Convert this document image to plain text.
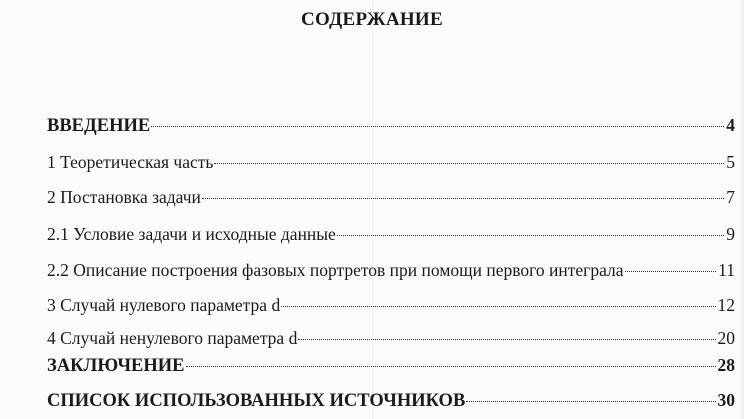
СОДЕРЖАНИЕ
ВВЕДЕНИЕ	4
1 Теоретическая часть	5
2 Постановка задачи	7
2.1 Условие задачи и исходные данные	9
2.2 Описание построения фазовых портретов при помощи первого интеграла	11
3 Случай нулевого параметра d	12
4 Случай ненулевого параметра d	20
ЗАКЛЮЧЕНИЕ	28
СПИСОК ИСПОЛЬЗОВАННЫХ ИСТОЧНИКОВ	30
